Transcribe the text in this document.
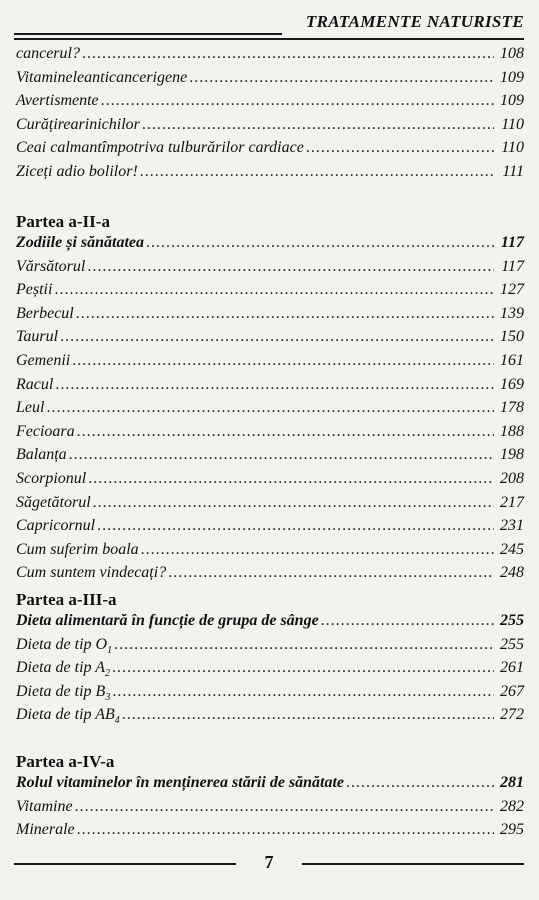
TRATAMENTE NATURISTE
cancerul? .....	108
Vitamineleanticancerigene .....	109
Avertismente .....	109
Curățirearinichilor .....	110
Ceai calmantîmpotriva tulburărilor cardiace .....	110
Ziceți adio bolilor! .....	111
Partea a-II-a
Zodiile și sănătatea .....	117
Vărsătorul .....	117
Peștii .....	127
Berbecul .....	139
Taurul .....	150
Gemenii .....	161
Racul .....	169
Leul .....	178
Fecioara .....	188
Balanța .....	198
Scorpionul .....	208
Săgetătorul .....	217
Capricornul .....	231
Cum suferim boala .....	245
Cum suntem vindecați? .....	248
Partea a-III-a
Dieta alimentară în funcție de grupa de sânge .....	255
Dieta de tip $O_1$ .....	255
Dieta de tip $A_2$ .....	261
Dieta de tip $B_3$ .....	267
Dieta de tip $AB_4$ .....	272
Partea a-IV-a
Rolul vitaminelor în menținerea stării de sănătate .....	281
Vitamine .....	282
Minerale .....	295
7
